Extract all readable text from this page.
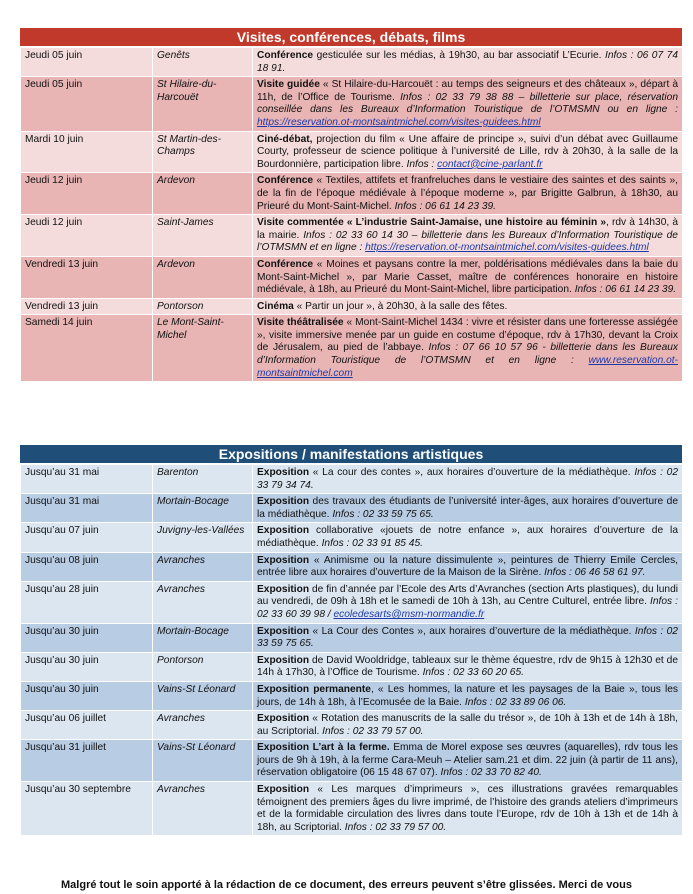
Visites, conférences, débats, films
Jeudi 05 juin	Genêts	Conférence gesticulée sur les médias, à 19h30, au bar associatif L’Ecurie. Infos : 06 07 74 18 91.
Jeudi 05 juin	St Hilaire-du-Harcouët	Visite guidée « St Hilaire-du-Harcouët : au temps des seigneurs et des châteaux », départ à 11h, de l’Office de Tourisme. Infos : 02 33 79 38 88 – billetterie sur place, réservation conseillée dans les Bureaux d’Information Touristique de l’OTMSMN ou en ligne : https://reservation.ot-montsaintmichel.com/visites-guidees.html
Mardi 10 juin	St Martin-des-Champs	Ciné-débat, projection du film « Une affaire de principe », suivi d’un débat avec Guillaume Courty, professeur de science politique à l’université de Lille, rdv à 20h30, à la salle de la Bourdonnière, participation libre. Infos : contact@cine-parlant.fr
Jeudi 12 juin	Ardevon	Conférence « Textiles, attifets et franfreluches dans le vestiaire des saintes et des saints », de la fin de l’époque médiévale à l’époque moderne », par Brigitte Galbrun, à 18h30, au Prieuré du Mont-Saint-Michel. Infos : 06 61 14 23 39.
Jeudi 12 juin	Saint-James	Visite commentée « L’industrie Saint-Jamaise, une histoire au féminin », rdv à 14h30, à la mairie. Infos : 02 33 60 14 30 – billetterie dans les Bureaux d’Information Touristique de l’OTMSMN et en ligne : https://reservation.ot-montsaintmichel.com/visites-guidees.html
Vendredi 13 juin	Ardevon	Conférence « Moines et paysans contre la mer, poldérisations médiévales dans la baie du Mont-Saint-Michel », par Marie Casset, maître de conférences honoraire en histoire médiévale, à 18h, au Prieuré du Mont-Saint-Michel, libre participation. Infos : 06 61 14 23 39.
Vendredi 13 juin	Pontorson	Cinéma « Partir un jour », à 20h30, à la salle des fêtes.
Samedi 14 juin	Le Mont-Saint-Michel	Visite théâtralisée « Mont-Saint-Michel 1434 : vivre et résister dans une forteresse assiégée », visite immersive menée par un guide en costume d’époque, rdv à 17h30, devant la Croix de Jérusalem, au pied de l’abbaye. Infos : 07 66 10 57 96 - billetterie dans les Bureaux d’Information Touristique de l’OTMSMN et en ligne : www.reservation.ot-montsaintmichel.com
Expositions / manifestations artistiques
Jusqu’au 31 mai	Barenton	Exposition « La cour des contes », aux horaires d’ouverture de la médiathèque. Infos : 02 33 79 34 74.
Jusqu’au 31 mai	Mortain-Bocage	Exposition des travaux des étudiants de l’université inter-âges, aux horaires d’ouverture de la médiathèque. Infos : 02 33 59 75 65.
Jusqu’au 07 juin	Juvigny-les-Vallées	Exposition collaborative «jouets de notre enfance », aux horaires d’ouverture de la médiathèque. Infos : 02 33 91 85 45.
Jusqu’au 08 juin	Avranches	Exposition « Animisme ou la nature dissimulente », peintures de Thierry Emile Cercles, entrée libre aux horaires d’ouverture de la Maison de la Sirène. Infos : 06 46 58 61 97.
Jusqu’au 28 juin	Avranches	Exposition de fin d’année par l’Ecole des Arts d’Avranches (section Arts plastiques), du lundi au vendredi, de 09h à 18h et le samedi de 10h à 13h, au Centre Culturel, entrée libre. Infos : 02 33 60 39 98 / ecoledesarts@msm-normandie.fr
Jusqu’au 30 juin	Mortain-Bocage	Exposition « La Cour des Contes », aux horaires d’ouverture de la médiathèque. Infos : 02 33 59 75 65.
Jusqu’au 30 juin	Pontorson	Exposition de David Wooldridge, tableaux sur le thème équestre, rdv de 9h15 à 12h30 et de 14h à 17h30, à l’Office de Tourisme. Infos : 02 33 60 20 65.
Jusqu’au 30 juin	Vains-St Léonard	Exposition permanente, « Les hommes, la nature et les paysages de la Baie », tous les jours, de 14h à 18h, à l’Ecomusée de la Baie. Infos : 02 33 89 06 06.
Jusqu’au 06 juillet	Avranches	Exposition « Rotation des manuscrits de la salle du trésor », de 10h à 13h et de 14h à 18h, au Scriptorial. Infos : 02 33 79 57 00.
Jusqu’au 31 juillet	Vains-St Léonard	Exposition L’art à la ferme. Emma de Morel expose ses œuvres (aquarelles), rdv tous les jours de 9h à 19h, à la ferme Cara-Meuh – Atelier sam.21 et dim. 22 juin (à partir de 11 ans), réservation obligatoire (06 15 48 67 07). Infos : 02 33 70 82 40.
Jusqu’au 30 septembre	Avranches	Exposition « Les marques d’imprimeurs », ces illustrations gravées remarquables témoignent des premiers âges du livre imprimé, de l’histoire des grands ateliers d’imprimeurs et de la formidable circulation des livres dans toute l’Europe, rdv de 10h à 13h et de 14h à 18h, au Scriptorial. Infos : 02 33 79 57 00.
Malgré tout le soin apporté à la rédaction de ce document, des erreurs peuvent s’être glissées. Merci de vous
